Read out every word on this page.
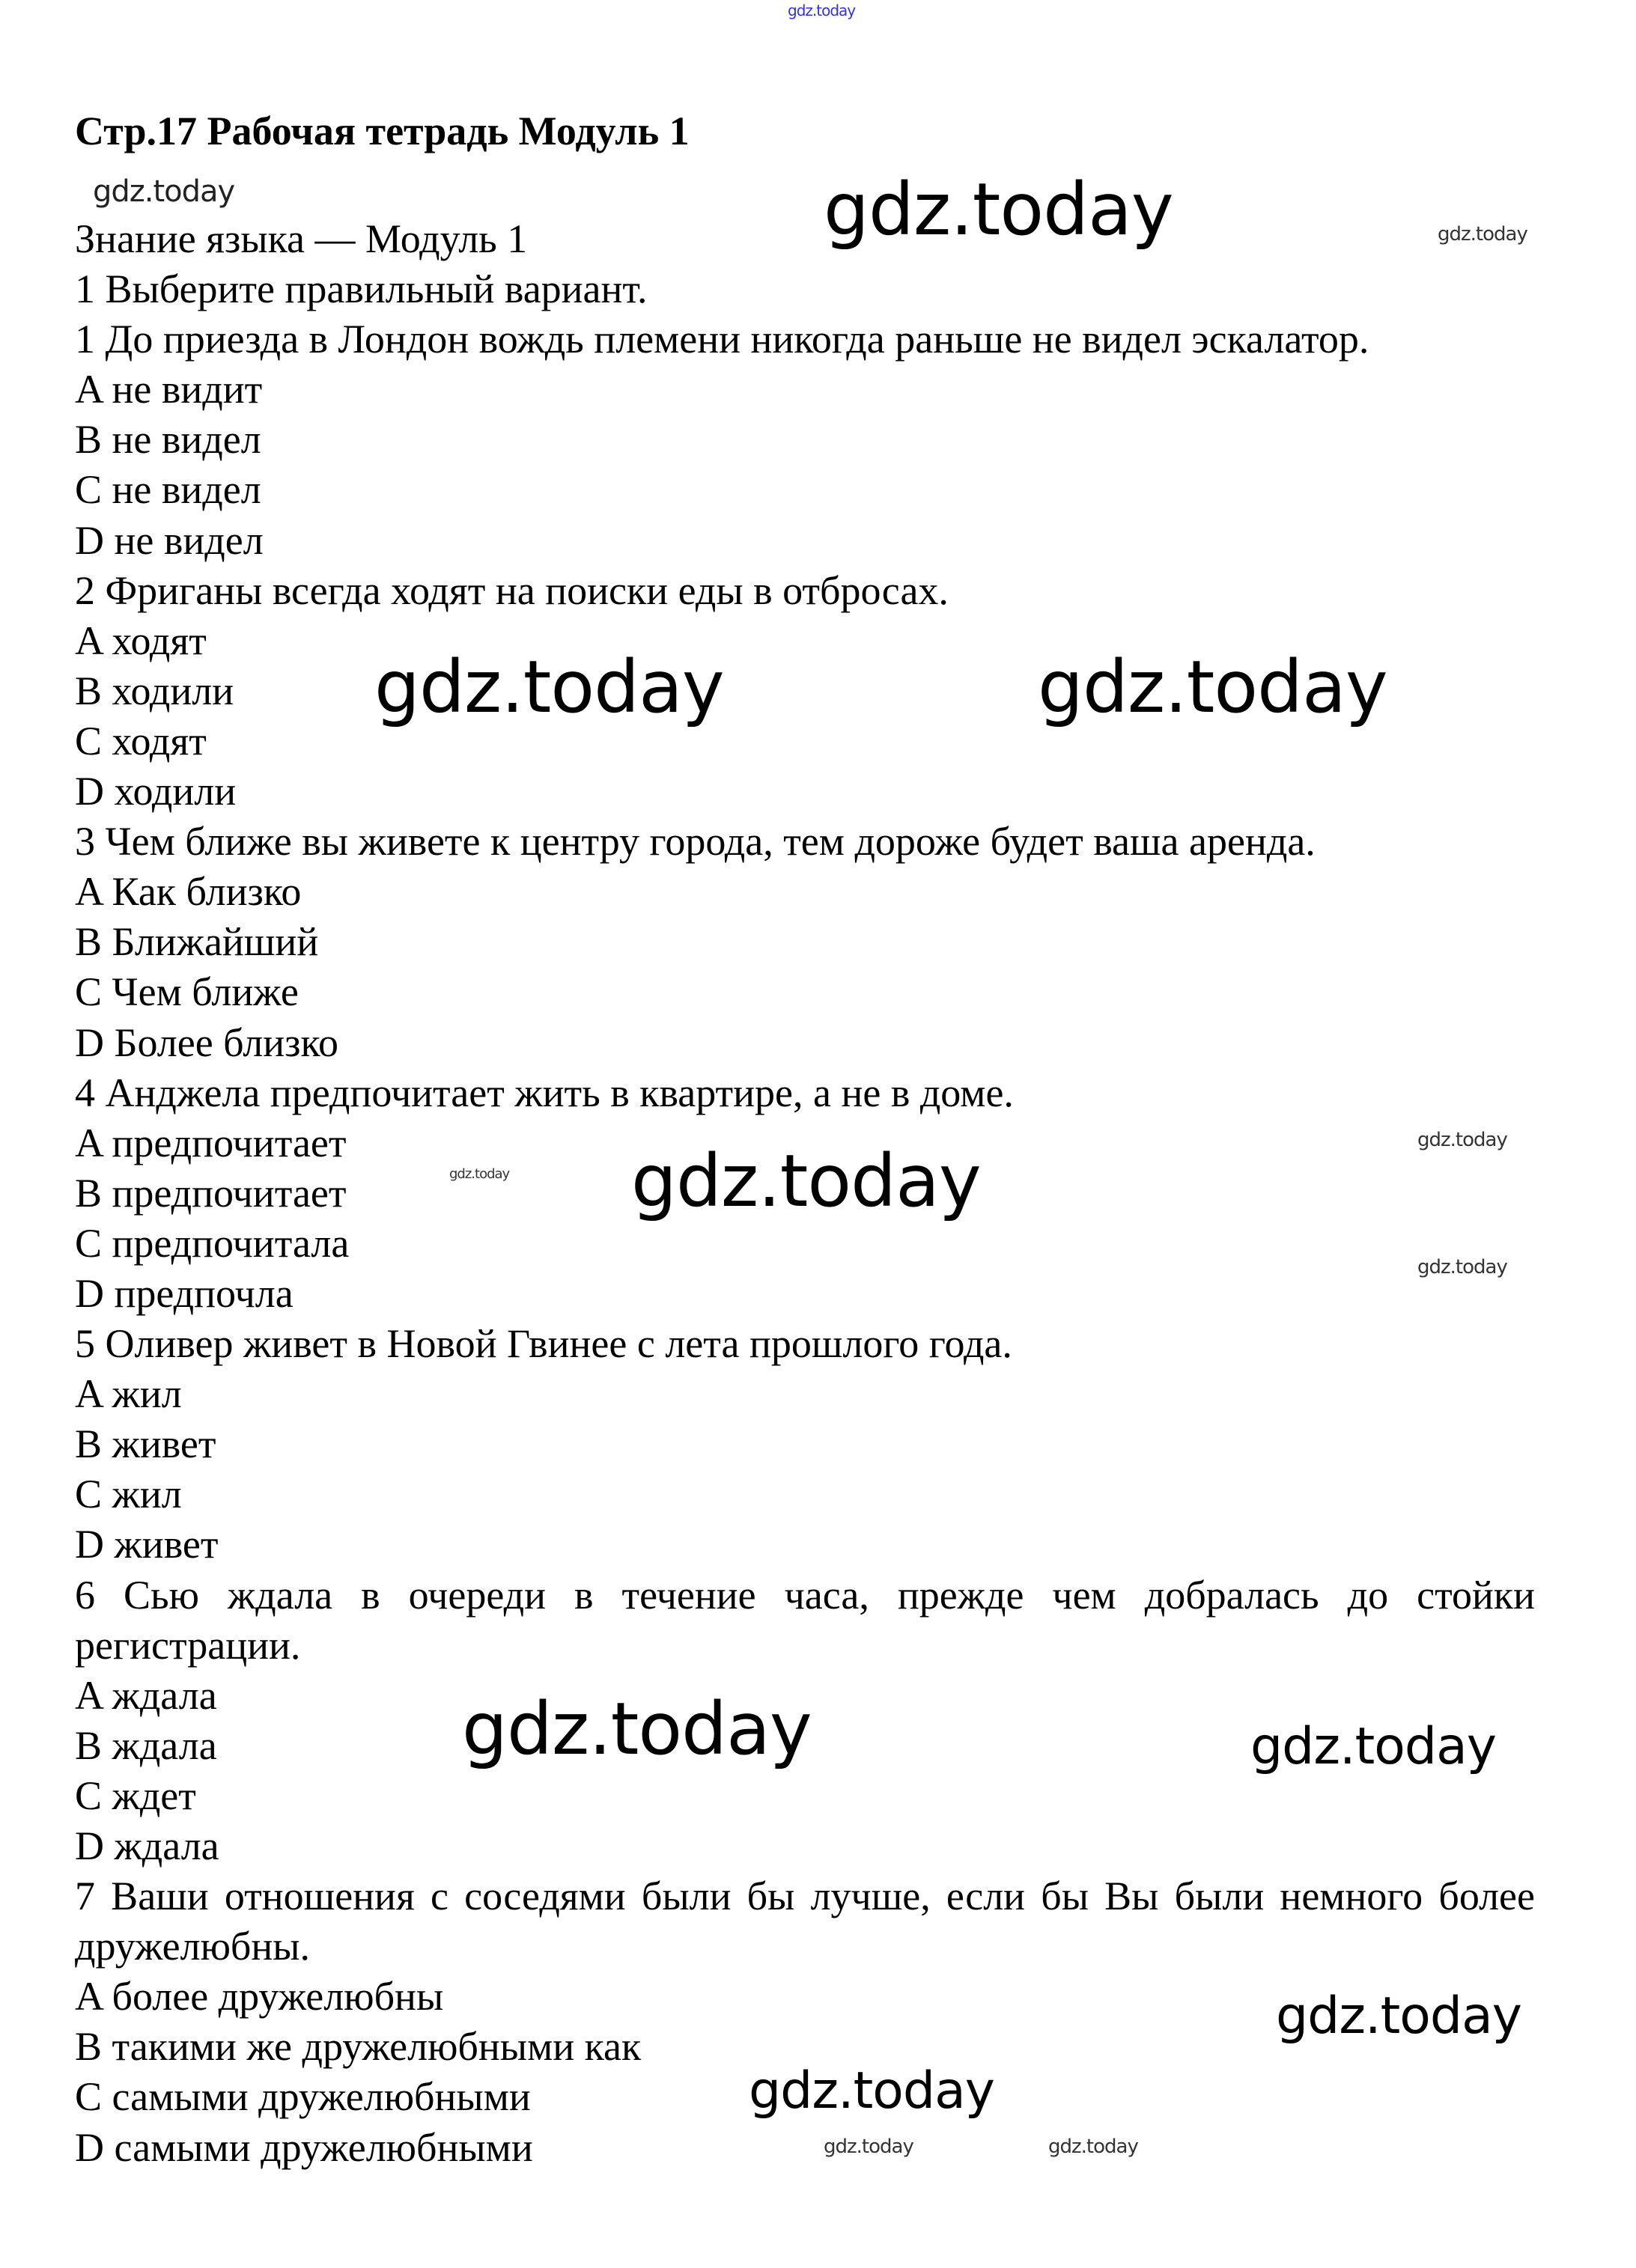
Стр.17 Рабочая тетрадь Модуль 1
Знание языка — Модуль 1
1 Выберите правильный вариант.
1 До приезда в Лондон вождь племени никогда раньше не видел эскалатор.
A не видит
B не видел
C не видел
D не видел
2 Фриганы всегда ходят на поиски еды в отбросах.
A ходят
B ходили
C ходят
D ходили
3 Чем ближе вы живете к центру города, тем дороже будет ваша аренда.
A Как близко
B Ближайший
C Чем ближе
D Более близко
4 Анджела предпочитает жить в квартире, а не в доме.
A предпочитает
B предпочитает
C предпочитала
D предпочла
5 Оливер живет в Новой Гвинее с лета прошлого года.
A жил
B живет
C жил
D живет
6 Сью ждала в очереди в течение часа, прежде чем добралась до стойки регистрации.
A ждала
B ждала
C ждет
D ждала
7 Ваши отношения с соседями были бы лучше, если бы Вы были немного более дружелюбны.
A более дружелюбны
B такими же дружелюбными как
C самыми дружелюбными
D самыми дружелюбными
gdz.today
gdz.today
gdz.today
gdz.today
gdz.today	gdz.today
gdz.today	gdz.today
gdz.today
gdz.today
gdz.today	gdz.today
gdz.today
gdz.today	gdz.today
gdz.today
